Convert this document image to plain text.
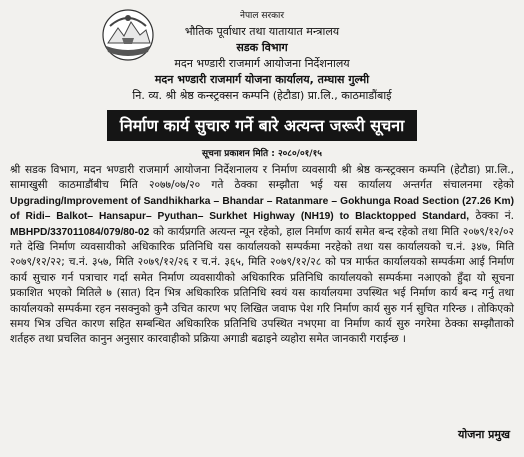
नेपाल सरकार
भौतिक पूर्वाधार तथा यातायात मन्त्रालय
सडक विभाग
मदन भण्डारी राजमार्ग आयोजना निर्देशनालय
मदन भण्डारी राजमार्ग योजना कार्यालय, तम्घास गुल्मी
नि. व्य. श्री श्रेष्ठ कन्स्ट्रक्सन कम्पनि (हेटौडा) प्रा.लि., काठमाडौंबाई
निर्माण कार्य सुचारु गर्ने बारे अत्यन्त जरूरी सूचना
सूचना प्रकाशन मिति : २०८०/०१/१५
श्री सडक विभाग, मदन भण्डारी राजमार्ग आयोजना निर्देशनालय र निर्माण व्यवसायी श्री श्रेष्ठ कन्स्ट्रक्सन कम्पनि (हेटौडा) प्रा.लि., सामाखुसी काठमाडौंबीच मिति २०७७/०७/२० गते ठेक्का सम्झौता भई यस कार्यालय अन्तर्गत संचालनमा रहेको Upgrading/Improvement of Sandhikharka – Bhandar – Ratanmare – Gokhunga Road Section (27.26 Km) of Ridi– Balkot– Hansapur– Pyuthan– Surkhet Highway (NH19) to Blacktopped Standard, ठेक्का नं. MBHPD/337011084/079/80-02 को कार्यप्रगति अत्यन्त न्यून रहेको, हाल निर्माण कार्य समेत बन्द रहेको तथा मिति २०७९/१२/०२ गते देखि निर्माण व्यवसायीको अधिकारिक प्रतिनिधि यस कार्यालयको सम्पर्कमा नरहेको तथा यस कार्यालयको च.नं. ३४७, मिति २०७९/१२/२२; च.नं. ३५७, मिति २०७९/१२/२६ र च.नं. ३६५, मिति २०७९/१२/२८ को पत्र मार्फत कार्यालयको सम्पर्कमा आई निर्माण कार्य सुचारु गर्न पत्राचार गर्दा समेत निर्माण व्यवसायीको अधिकारिक प्रतिनिधि कार्यालयको सम्पर्कमा नआएको हुँदा यो सूचना प्रकाशित भएको मितिले ७ (सात) दिन भित्र अधिकारिक प्रतिनिधि स्वयं यस कार्यालयमा उपस्थित भई निर्माण कार्य बन्द गर्नु तथा कार्यालयको सम्पर्कमा रहन नसक्नुको कुनै उचित कारण भए लिखित जवाफ पेश गरि निर्माण कार्य सुरु गर्न सुचित गरिन्छ । तोकिएको समय भित्र उचित कारण सहित सम्बन्धित अधिकारिक प्रतिनिधि उपस्थित नभएमा वा निर्माण कार्य सुरु नगरेमा ठेक्का सम्झौताको शर्तहरु तथा प्रचलित कानुन अनुसार कारवाहीको प्रक्रिया अगाडी बढाइने व्यहोरा समेत जानकारी गराईन्छ ।
योजना प्रमुख
